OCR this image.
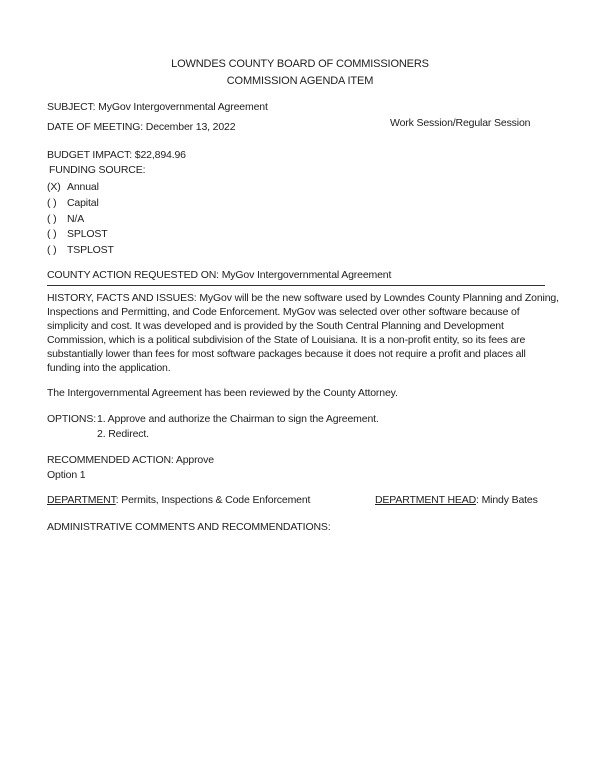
LOWNDES COUNTY BOARD OF COMMISSIONERS
COMMISSION AGENDA ITEM
SUBJECT: MyGov Intergovernmental Agreement
DATE OF MEETING: December 13, 2022	Work Session/Regular Session
BUDGET IMPACT: $22,894.96
FUNDING SOURCE:
(X) Annual
( ) Capital
( ) N/A
( ) SPLOST
( ) TSPLOST
COUNTY ACTION REQUESTED ON: MyGov Intergovernmental Agreement
HISTORY, FACTS AND ISSUES: MyGov will be the new software used by Lowndes County Planning and Zoning,
Inspections and Permitting, and Code Enforcement. MyGov was selected over other software because of
simplicity and cost. It was developed and is provided by the South Central Planning and Development
Commission, which is a political subdivision of the State of Louisiana. It is a non-profit entity, so its fees are
substantially lower than fees for most software packages because it does not require a profit and places all
funding into the application.
The Intergovernmental Agreement has been reviewed by the County Attorney.
OPTIONS: 1. Approve and authorize the Chairman to sign the Agreement.
2. Redirect.
RECOMMENDED ACTION: Approve
Option 1
DEPARTMENT: Permits, Inspections & Code Enforcement	DEPARTMENT HEAD: Mindy Bates
ADMINISTRATIVE COMMENTS AND RECOMMENDATIONS:
